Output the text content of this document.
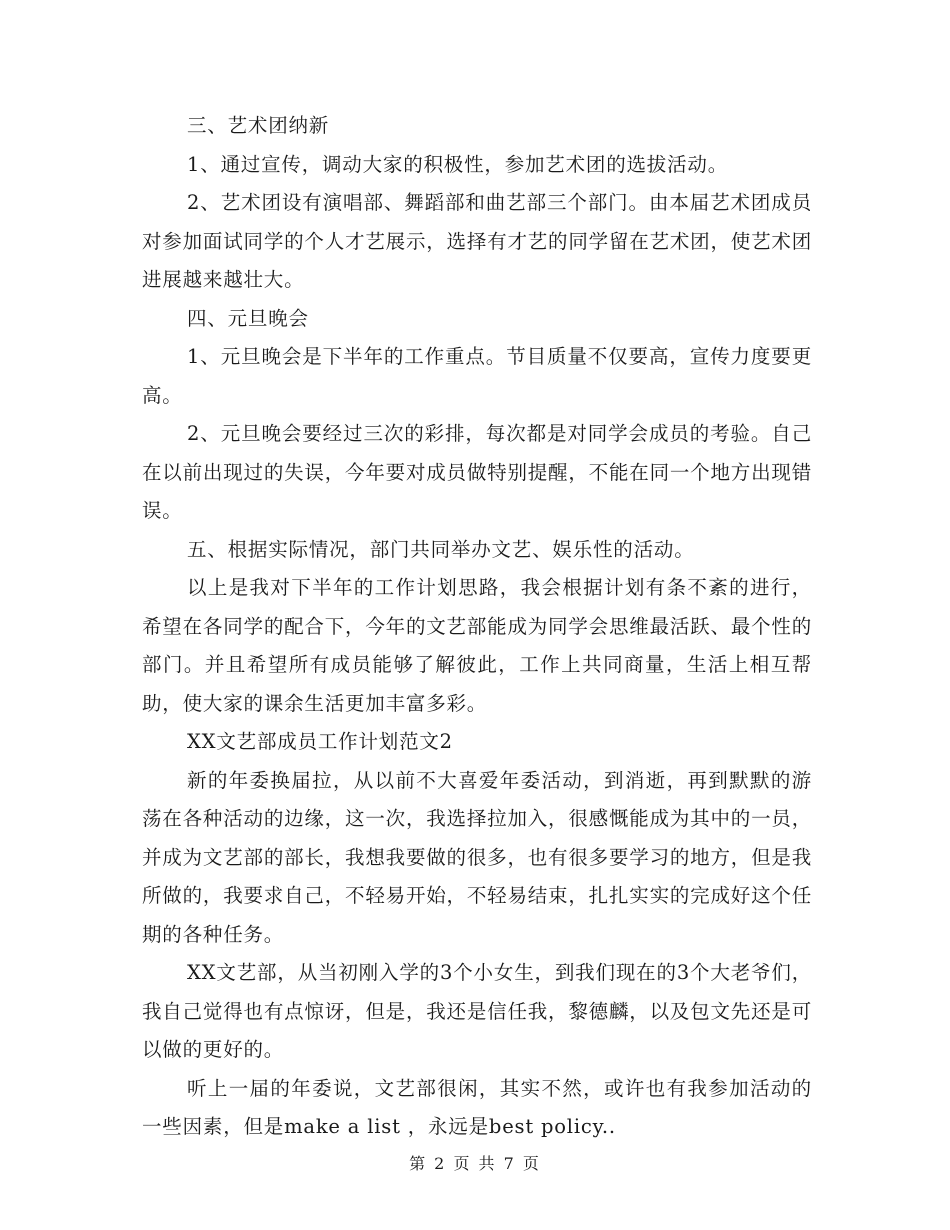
三、艺术团纳新

1、通过宣传，调动大家的积极性，参加艺术团的选拔活动。

2、艺术团设有演唱部、舞蹈部和曲艺部三个部门。由本届艺术团成员对参加面试同学的个人才艺展示，选择有才艺的同学留在艺术团，使艺术团进展越来越壮大。

四、元旦晚会

1、元旦晚会是下半年的工作重点。节目质量不仅要高，宣传力度要更高。

2、元旦晚会要经过三次的彩排，每次都是对同学会成员的考验。自己在以前出现过的失误，今年要对成员做特别提醒，不能在同一个地方出现错误。

五、根据实际情况，部门共同举办文艺、娱乐性的活动。

以上是我对下半年的工作计划思路，我会根据计划有条不紊的进行，希望在各同学的配合下，今年的文艺部能成为同学会思维最活跃、最个性的部门。并且希望所有成员能够了解彼此，工作上共同商量，生活上相互帮助，使大家的课余生活更加丰富多彩。

XX文艺部成员工作计划范文2

新的年委换届拉，从以前不大喜爱年委活动，到消逝，再到默默的游荡在各种活动的边缘，这一次，我选择拉加入，很感慨能成为其中的一员，并成为文艺部的部长，我想我要做的很多，也有很多要学习的地方，但是我所做的，我要求自己，不轻易开始，不轻易结束，扎扎实实的完成好这个任期的各种任务。

XX文艺部，从当初刚入学的3个小女生，到我们现在的3个大老爷们，我自己觉得也有点惊讶，但是，我还是信任我，黎德麟，以及包文先还是可以做的更好的。

听上一届的年委说，文艺部很闲，其实不然，或许也有我参加活动的一些因素，但是make a list ，永远是best policy..

第 2 页 共 7 页
